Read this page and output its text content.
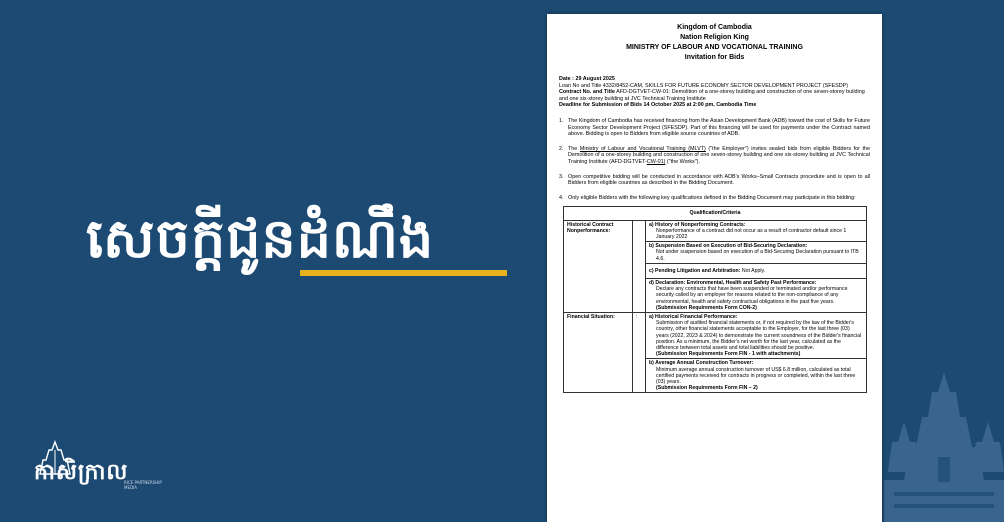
សេចក្ដីជូនដំណឹង
កាសិក្រាល
RICE PARTNERSHIP MEDIA
Kingdom of Cambodia
Nation Religion King
MINISTRY OF LABOUR AND VOCATIONAL TRAINING
Invitation for Bids
Date : 29 August 2025
Loan No and Title 4332/8452-CAM, SKILLS FOR FUTURE ECONOMY SECTOR DEVELOPMENT PROJECT (SFESDP)
Contract No. and Title AFD-DGTVET-CW-01: Demolition of a one-storey building and construction of one seven-storey building and one six-storey building at JVC Technical Training Institute
Deadline for Submission of Bids 14 October 2025 at 2:00 pm, Cambodia Time
1. The Kingdom of Cambodia has received financing from the Asian Development Bank (ADB) toward the cost of Skills for Future Economy Sector Development Project (SFESDP). Part of this financing will be used for payments under the Contract named above. Bidding is open to Bidders from eligible source countries of ADB.
2. The Ministry of Labour and Vocational Training (MLVT) ("the Employer") invites sealed bids from eligible Bidders for the Demolition of a one-storey building and construction of one seven-storey building and one six-storey building at JVC Technical Training Institute (AFD-DGTVET-CW-01) ("the Works").
3. Open competitive bidding will be conducted in accordance with ADB's Works–Small Contracts procedure and is open to all Bidders from eligible countries as described in the Bidding Document.
4. Only eligible Bidders with the following key qualifications defined in the Bidding Document may participate in this bidding:
Qualification/Criteria		
Historical Contract Nonperformance:		a) History of Nonperforming Contracts:
Nonperformance of a contract did not occur as a result of contractor default since 1 January 2022

		b) Suspension Based on Execution of Bid-Securing Declaration:
Not under suspension based on execution of a Bid-Securing Declaration pursuant to ITB 4.6.

		c) Pending Litigation and Arbitration: Not Apply.

		d) Declaration: Environmental, Health and Safety Past Performance:
Declare any contracts that have been suspended or terminated and/or performance security called by an employer for reasons related to the non-compliance of any environmental, health and safety contractual obligations in the past five years.
(Submission Requirements Form CON-2)

Financial Situation:	:	a) Historical Financial Performance:
Submission of audited financial statements or, if not required by the law of the Bidder's country, other financial statements acceptable to the Employer, for the last three (03) years (2022, 2023 & 2024) to demonstrate the current soundness of the Bidder's financial position. As a minimum, the Bidder's net worth for the last year, calculated as the difference between total assets and total liabilities should be positive.
(Submission Requirements Form FIN - 1 with attachments)

		b) Average Annual Construction Turnover:
Minimum average annual construction turnover of US$ 6.8 million, calculated as total certified payments received for contracts in progress or completed, within the last three (03) years.
(Submission Requirements Form FIN – 2)
